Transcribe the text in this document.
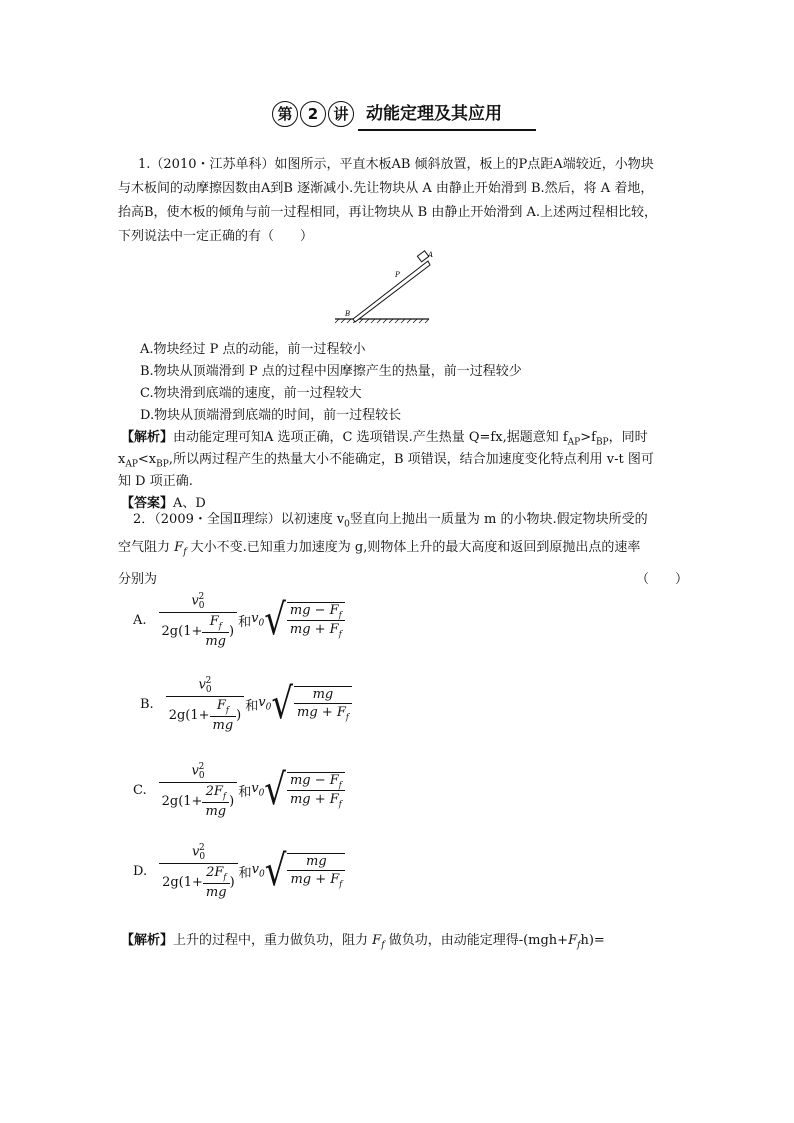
第	2	讲	动能定理及其应用
1.（2010・江苏单科）如图所示，平直木板AB 倾斜放置，板上的P点距A端较近，小物块与木板间的动摩擦因数由A到B 逐渐减小.先让物块从 A 由静止开始滑到 B.然后，将 A 着地，抬高B，使木板的倾角与前一过程相同，再让物块从 B 由静止开始滑到 A.上述两过程相比较，下列说法中一定正确的有（　　）
B
P
A
A.物块经过 P 点的动能，前一过程较小
B.物块从顶端滑到 P 点的过程中因摩擦产生的热量，前一过程较少
C.物块滑到底端的速度，前一过程较大
D.物块从顶端滑到底端的时间，前一过程较长
【解析】由动能定理可知A 选项正确，C 选项错误.产生热量 Q=fx,据题意知 $f_{AP}>f_{BP}$，同时
$x_{AP}<x_{BP}$,所以两过程产生的热量大小不能确定，B 项错误，结合加速度变化特点利用 v-t 图可
知 D 项正确.
【答案】A、D
2．（2009・全国Ⅱ理综）以初速度 $v_0$竖直向上抛出一质量为 m 的小物块.假定物块所受的
空气阻力 $F_f$ 大小不变.已知重力加速度为 g,则物体上升的最大高度和返回到原抛出点的速率
分别为	（　　）
A. $\frac{v_0^2}{2g(1+ \frac{F_f}{mg} )}$ 和 $v_0$ √ $\frac{mg - F_f}{mg + F_f}$
B. $\frac{v_0^2}{2g(1+ \frac{F_f}{mg} )}$ 和 $v_0$ √ $\frac{mg}{mg + F_f}$
C. $\frac{v_0^2}{2g(1+ \frac{2F_f}{mg} )}$ 和 $v_0$ √ $\frac{mg - F_f}{mg + F_f}$
D. $\frac{v_0^2}{2g(1+ \frac{2F_f}{mg} )}$ 和 $v_0$ √ $\frac{mg}{mg + F_f}$
【解析】上升的过程中，重力做负功，阻力 $F_f$ 做负功，由动能定理得$-(mgh+F_fh)=$
